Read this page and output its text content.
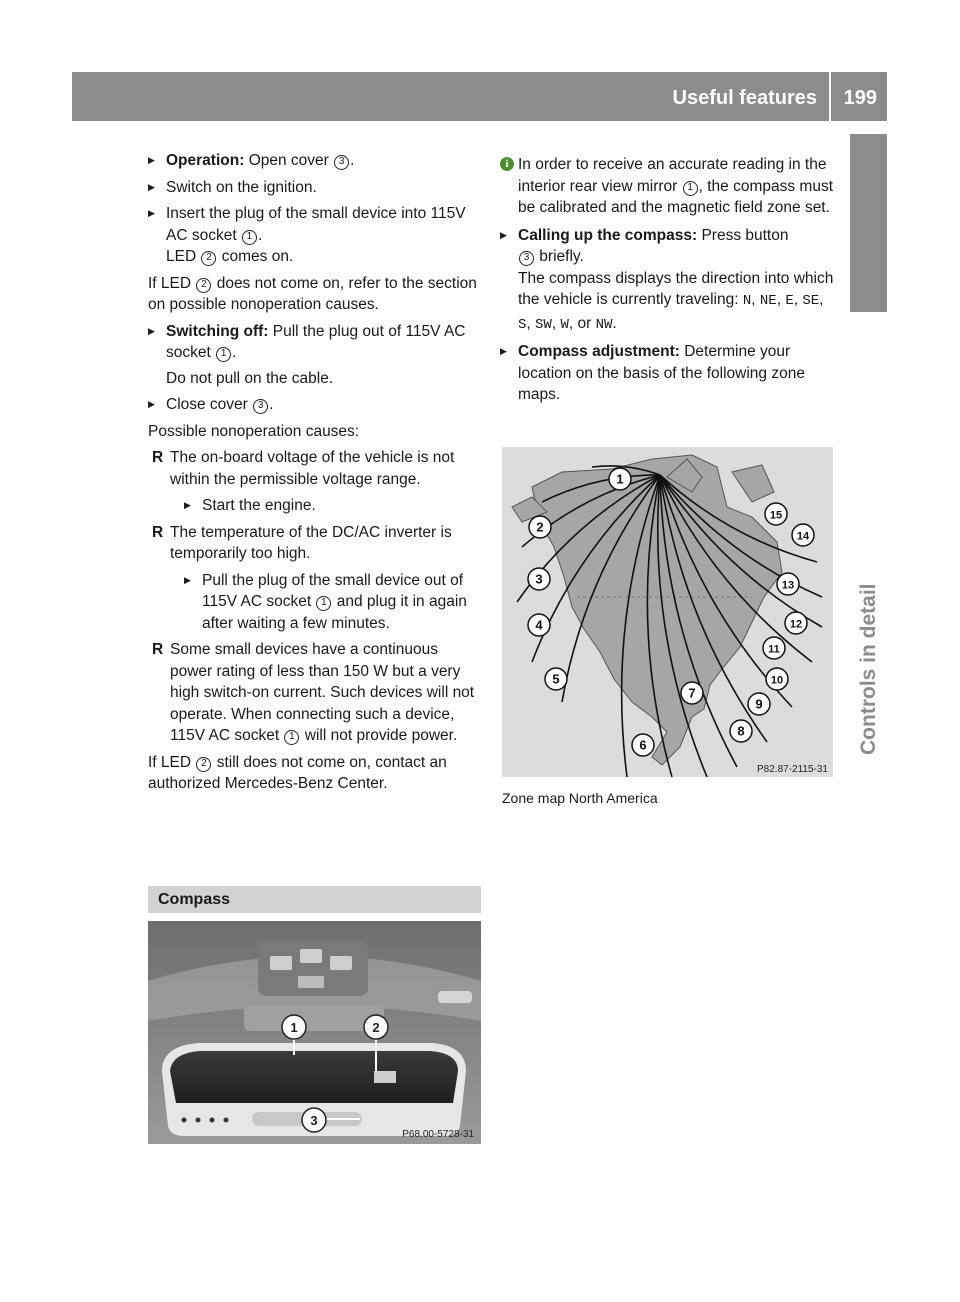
Useful features 199
Controls in detail
▶ Operation: Open cover 3 .
▶ Switch on the ignition.
▶ Insert the plug of the small device into 115V AC socket 1 .
LED 2 comes on.
If LED 2 does not come on, refer to the section on possible nonoperation causes.
▶ Switching off: Pull the plug out of 115V AC socket 1 .
Do not pull on the cable.
▶ Close cover 3 .
Possible nonoperation causes:
R The on-board voltage of the vehicle is not within the permissible voltage range.
▶ Start the engine.
R The temperature of the DC/AC inverter is temporarily too high.
▶ Pull the plug of the small device out of 115V AC socket 1 and plug it in again after waiting a few minutes.
R Some small devices have a continuous power rating of less than 150 W but a very high switch-on current. Such devices will not operate. When connecting such a device, 115V AC socket 1 will not provide power.
If LED 2 still does not come on, contact an authorized Mercedes-Benz Center.
Compass
1	2
3
P68.00-5728-31
i In order to receive an accurate reading in the interior rear view mirror 1 , the compass must be calibrated and the magnetic field zone set.
▶ Calling up the compass: Press button
3 briefly.
The compass displays the direction into which the vehicle is currently traveling: N, NE, E, SE, S, SW, W, or NW.
▶ Compass adjustment: Determine your location on the basis of the following zone maps.
1
2
3
4
5
6
7
8
9
10
11
12
13
14
15
P82.87-2115-31
Zone map North America
